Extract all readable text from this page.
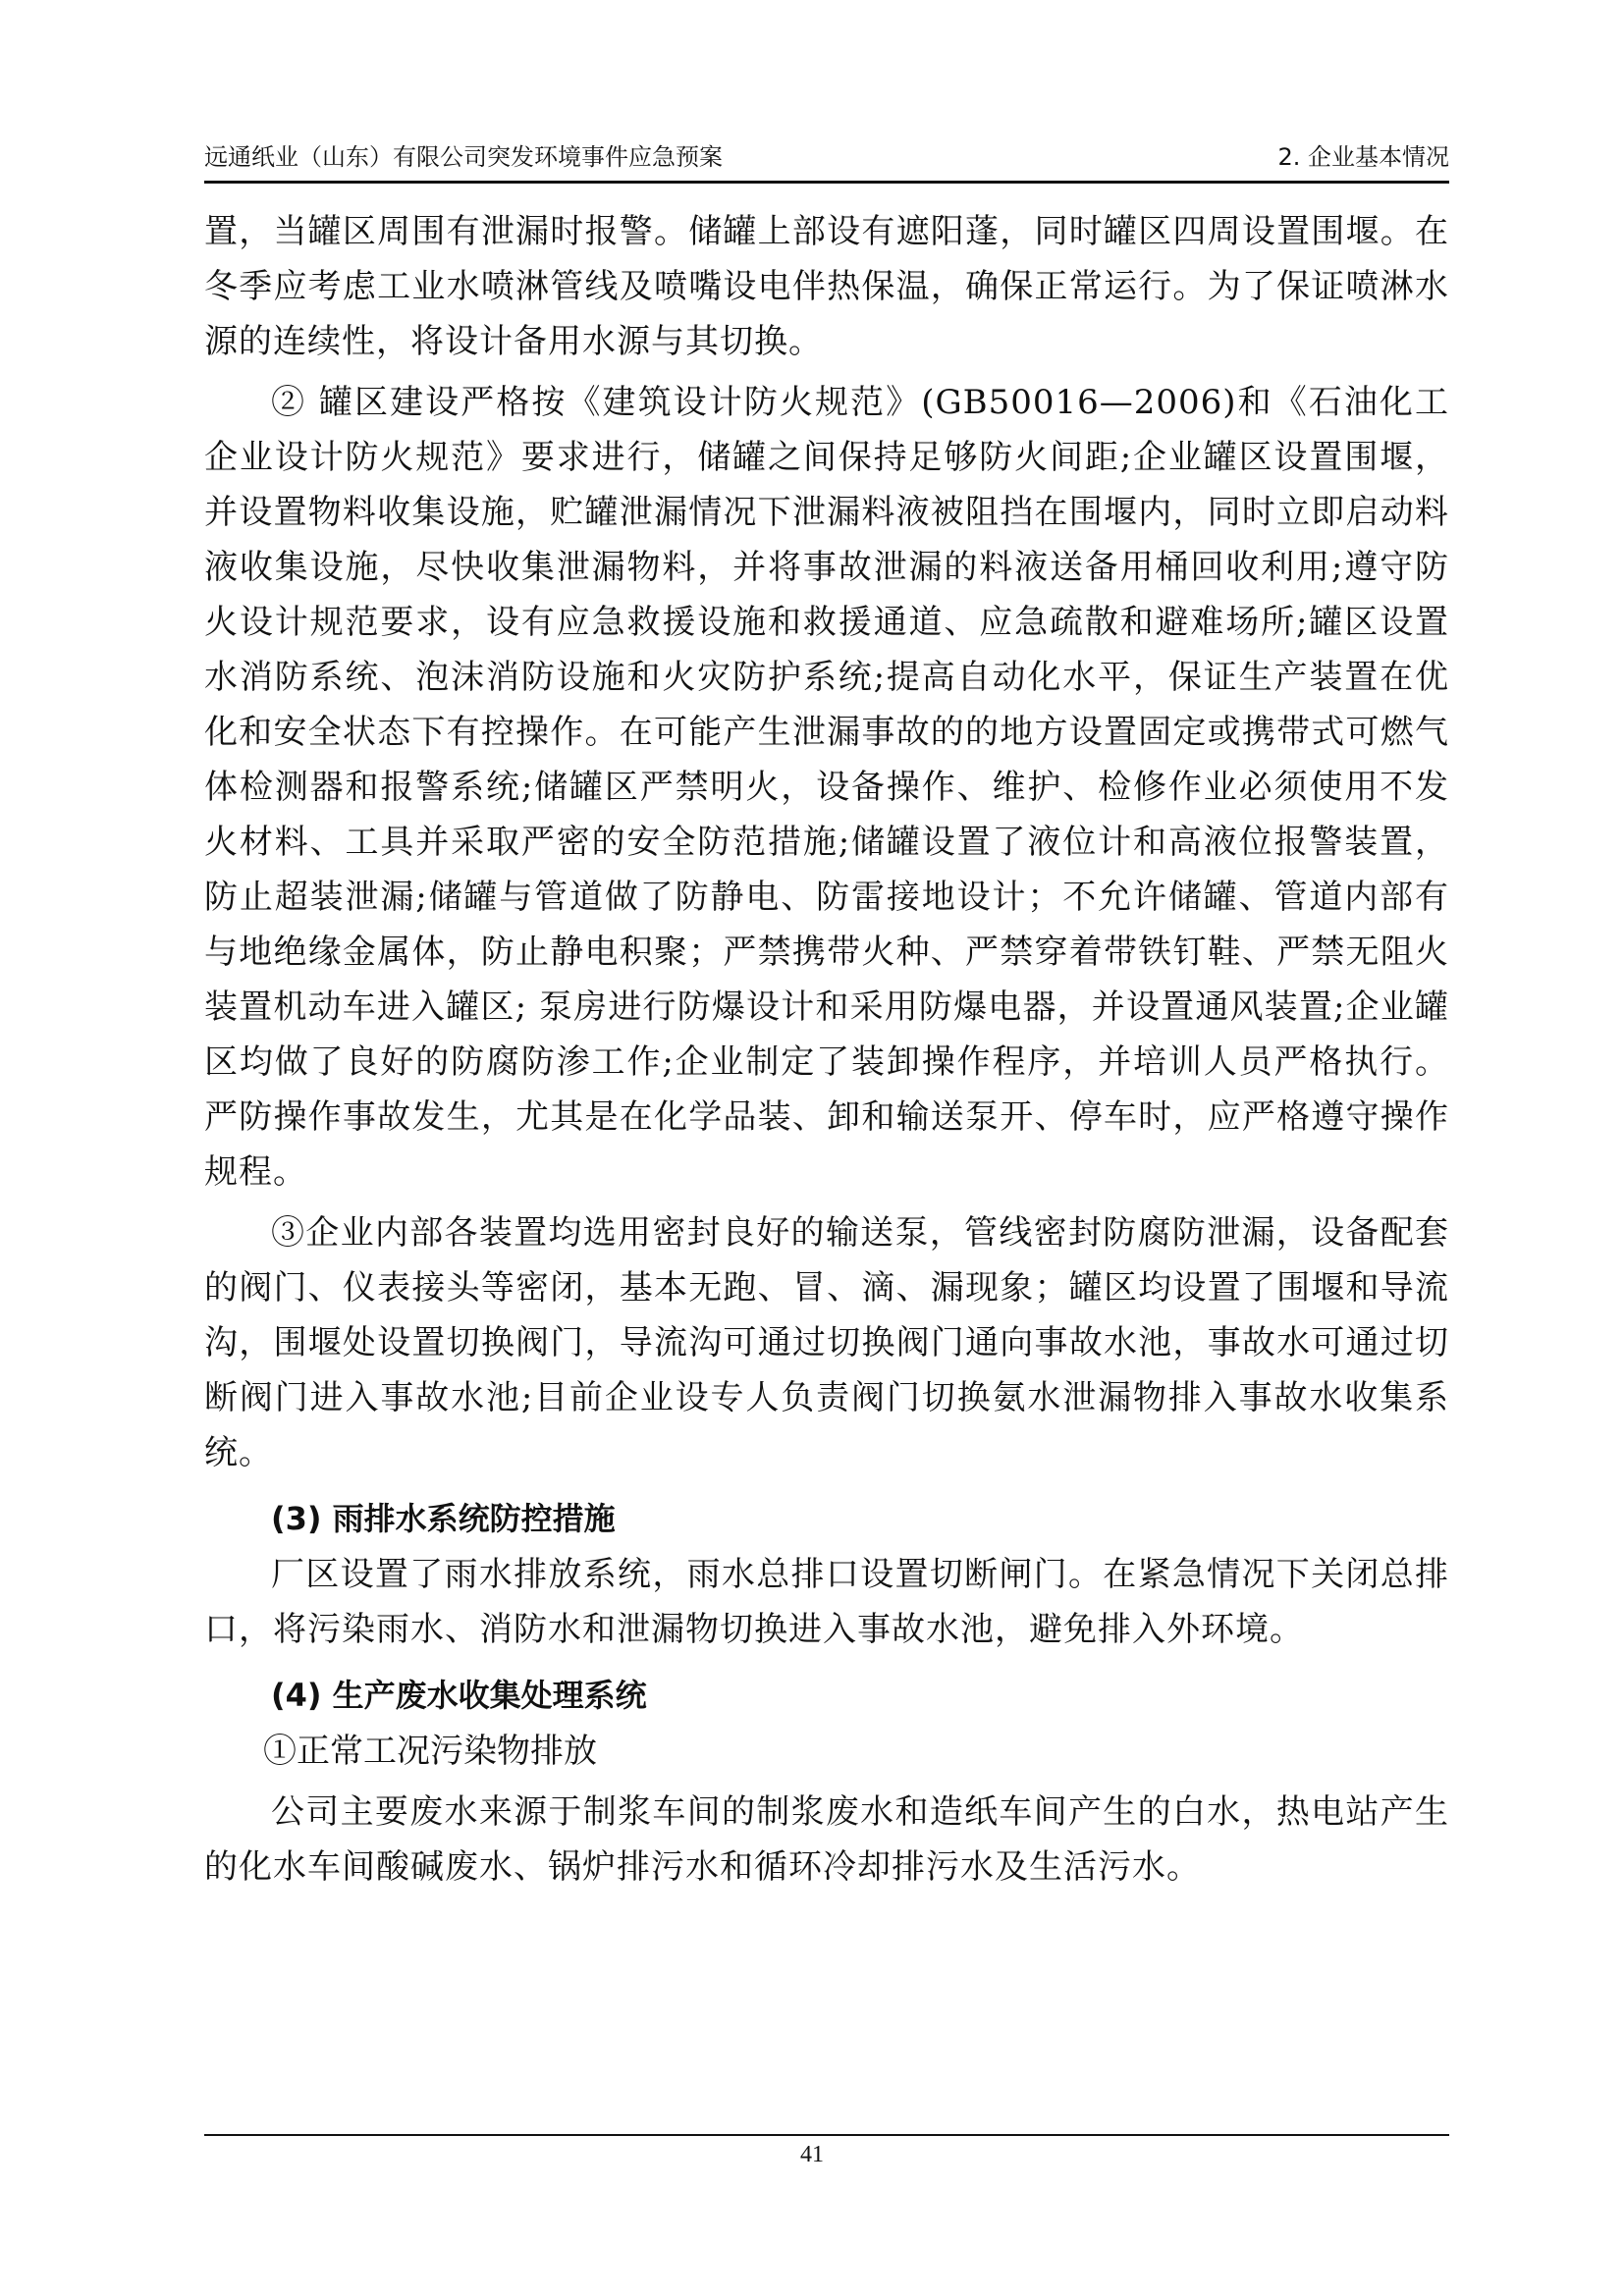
远通纸业（山东）有限公司突发环境事件应急预案	2. 企业基本情况

置，当罐区周围有泄漏时报警。储罐上部设有遮阳蓬，同时罐区四周设置围堰。在冬季应考虑工业水喷淋管线及喷嘴设电伴热保温，确保正常运行。为了保证喷淋水源的连续性，将设计备用水源与其切换。

② 罐区建设严格按《建筑设计防火规范》(GB50016—2006)和《石油化工企业设计防火规范》要求进行，储罐之间保持足够防火间距;企业罐区设置围堰，并设置物料收集设施，贮罐泄漏情况下泄漏料液被阻挡在围堰内，同时立即启动料液收集设施，尽快收集泄漏物料，并将事故泄漏的料液送备用桶回收利用;遵守防火设计规范要求，设有应急救援设施和救援通道、应急疏散和避难场所;罐区设置水消防系统、泡沫消防设施和火灾防护系统;提高自动化水平，保证生产装置在优化和安全状态下有控操作。在可能产生泄漏事故的的地方设置固定或携带式可燃气体检测器和报警系统;储罐区严禁明火，设备操作、维护、检修作业必须使用不发火材料、工具并采取严密的安全防范措施;储罐设置了液位计和高液位报警装置，防止超装泄漏;储罐与管道做了防静电、防雷接地设计；不允许储罐、管道内部有与地绝缘金属体，防止静电积聚；严禁携带火种、严禁穿着带铁钉鞋、严禁无阻火装置机动车进入罐区; 泵房进行防爆设计和采用防爆电器，并设置通风装置;企业罐区均做了良好的防腐防渗工作;企业制定了装卸操作程序，并培训人员严格执行。严防操作事故发生，尤其是在化学品装、卸和输送泵开、停车时，应严格遵守操作规程。

③企业内部各装置均选用密封良好的输送泵，管线密封防腐防泄漏，设备配套的阀门、仪表接头等密闭，基本无跑、冒、滴、漏现象；罐区均设置了围堰和导流沟，围堰处设置切换阀门，导流沟可通过切换阀门通向事故水池，事故水可通过切断阀门进入事故水池;目前企业设专人负责阀门切换氨水泄漏物排入事故水收集系统。

(3) 雨排水系统防控措施

厂区设置了雨水排放系统，雨水总排口设置切断闸门。在紧急情况下关闭总排口，将污染雨水、消防水和泄漏物切换进入事故水池，避免排入外环境。

(4) 生产废水收集处理系统

①正常工况污染物排放

公司主要废水来源于制浆车间的制浆废水和造纸车间产生的白水，热电站产生的化水车间酸碱废水、锅炉排污水和循环冷却排污水及生活污水。

41
